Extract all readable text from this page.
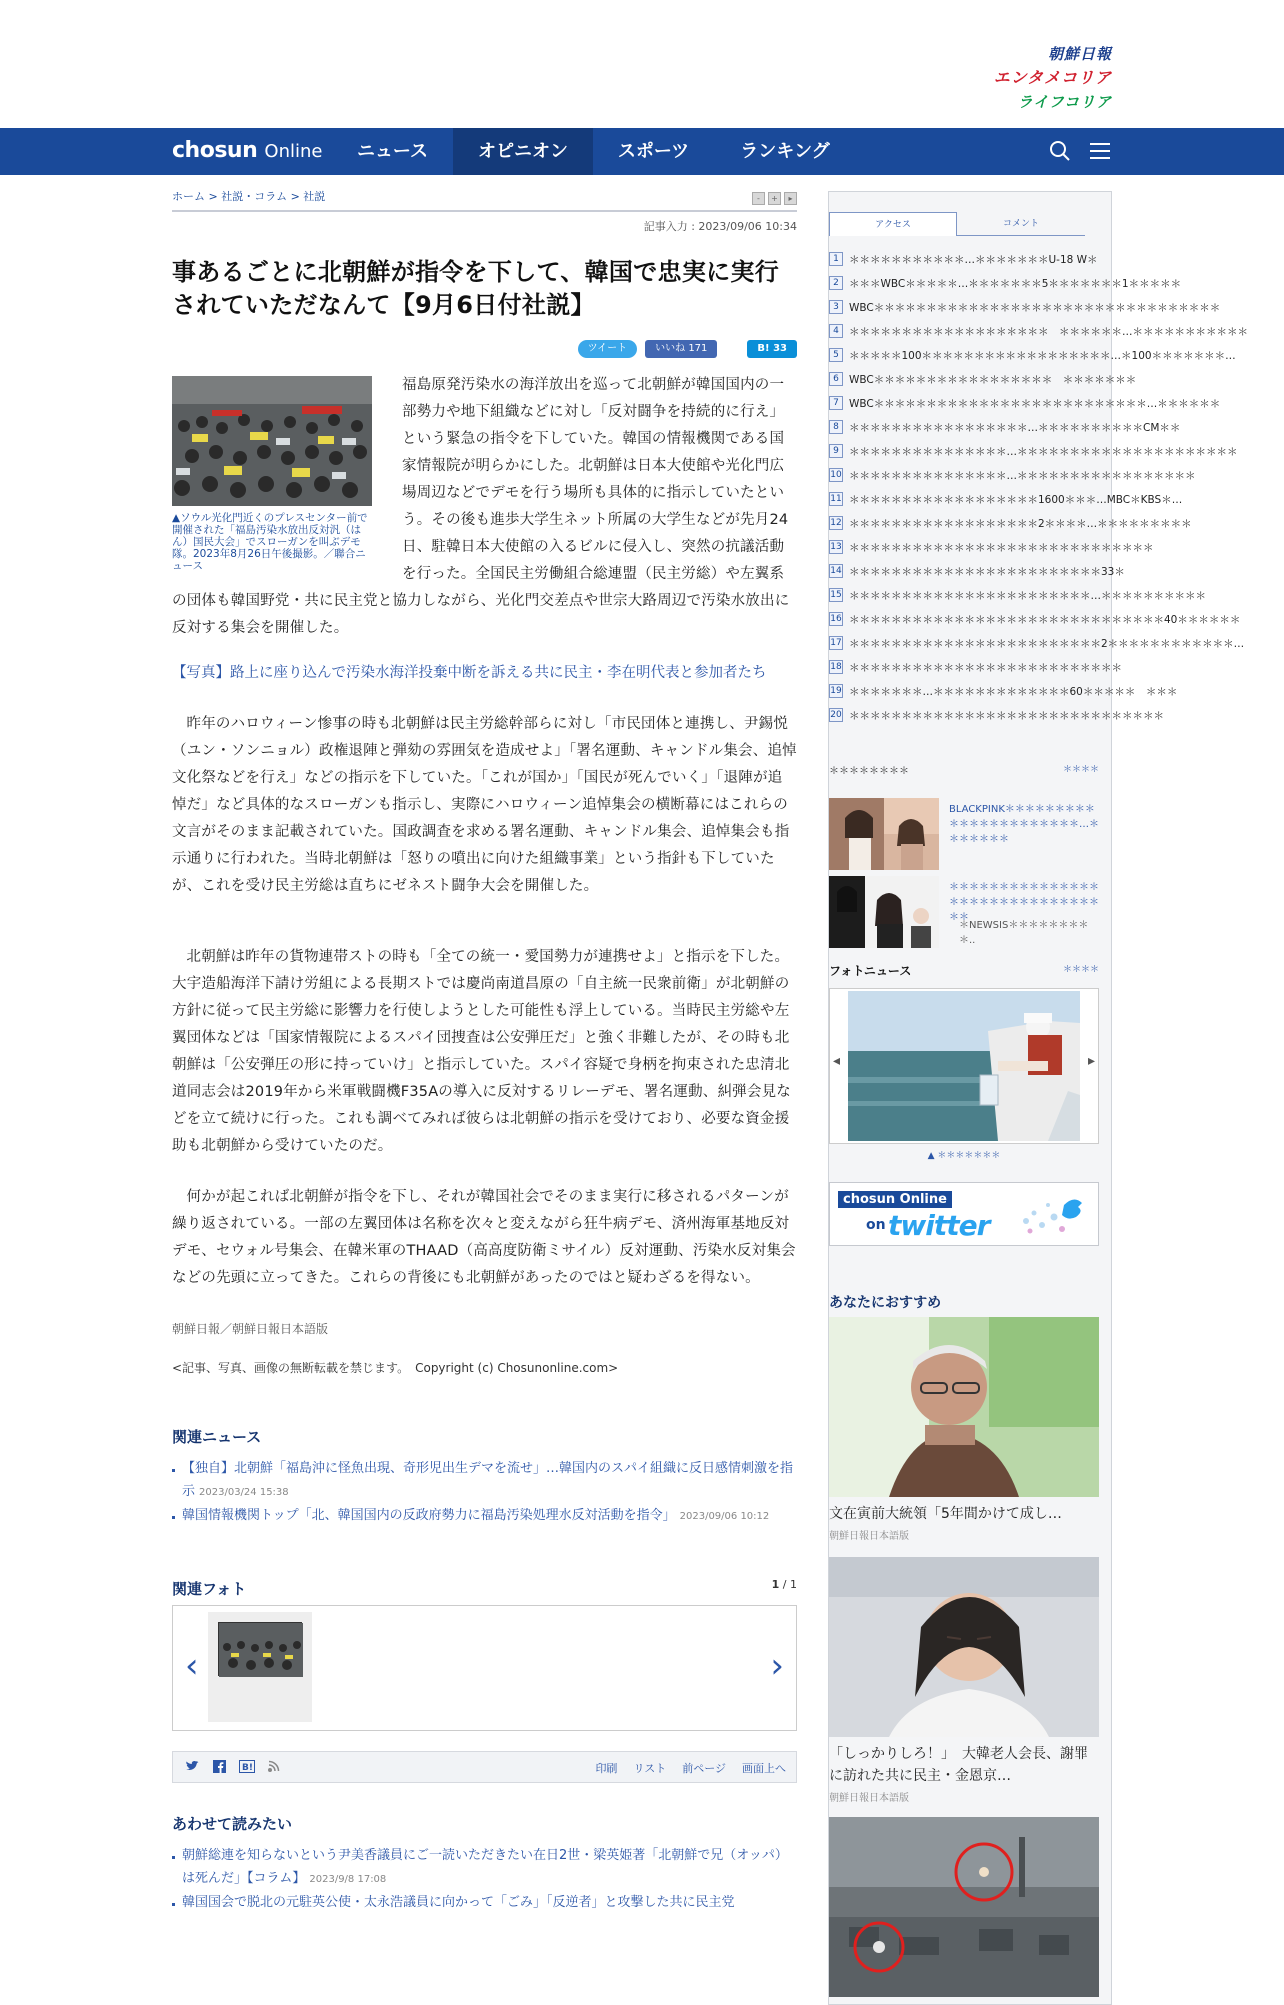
朝鮮日報
エンタメコリア
ライフコリア
chosun Online	ニュース	オピニオン	スポーツ	ランキング
ホーム > 社説・コラム > 社説	-	+	▸
記事入力 : 2023/09/06 10:34
事あるごとに北朝鮮が指令を下して、韓国で忠実に実行されていただなんて【9月6日付社説】
ツイート	いいね 171	B! 33
▲ソウル光化門近くのプレスセンター前で開催された「福島汚染水放出反対汎（はん）国民大会」でスローガンを叫ぶデモ隊。2023年8月26日午後撮影。／聯合ニュース

福島原発汚染水の海洋放出を巡って北朝鮮が韓国国内の一部勢力や地下組織などに対し「反対闘争を持続的に行え」という緊急の指令を下していた。韓国の情報機関である国家情報院が明らかにした。北朝鮮は日本大使館や光化門広場周辺などでデモを行う場所も具体的に指示していたという。その後も進歩大学生ネット所属の大学生などが先月24日、駐韓日本大使館の入るビルに侵入し、突然の抗議活動を行った。全国民主労働組合総連盟（民主労総）や左翼系の団体も韓国野党・共に民主党と協力しながら、光化門交差点や世宗大路周辺で汚染水放出に反対する集会を開催した。

【写真】路上に座り込んで汚染水海洋投棄中断を訴える共に民主・李在明代表と参加者たち

昨年のハロウィーン惨事の時も北朝鮮は民主労総幹部らに対し「市民団体と連携し、尹錫悦（ユン・ソンニョル）政権退陣と弾劾の雰囲気を造成せよ」「署名運動、キャンドル集会、追悼文化祭などを行え」などの指示を下していた。「これが国か」「国民が死んでいく」「退陣が追悼だ」など具体的なスローガンも指示し、実際にハロウィーン追悼集会の横断幕にはこれらの文言がそのまま記載されていた。国政調査を求める署名運動、キャンドル集会、追悼集会も指示通りに行われた。当時北朝鮮は「怒りの噴出に向けた組織事業」という指針も下していたが、これを受け民主労総は直ちにゼネスト闘争大会を開催した。

北朝鮮は昨年の貨物連帯ストの時も「全ての統一・愛国勢力が連携せよ」と指示を下した。大宇造船海洋下請け労組による長期ストでは慶尚南道昌原の「自主統一民衆前衛」が北朝鮮の方針に従って民主労総に影響力を行使しようとした可能性も浮上している。当時民主労総や左翼団体などは「国家情報院によるスパイ団捜査は公安弾圧だ」と強く非難したが、その時も北朝鮮は「公安弾圧の形に持っていけ」と指示していた。スパイ容疑で身柄を拘束された忠清北道同志会は2019年から米軍戦闘機F35Aの導入に反対するリレーデモ、署名運動、糾弾会見などを立て続けに行った。これも調べてみれば彼らは北朝鮮の指示を受けており、必要な資金援助も北朝鮮から受けていたのだ。

何かが起これば北朝鮮が指令を下し、それが韓国社会でそのまま実行に移されるパターンが繰り返されている。一部の左翼団体は名称を次々と変えながら狂牛病デモ、済州海軍基地反対デモ、セウォル号集会、在韓米軍のTHAAD（高高度防衛ミサイル）反対運動、汚染水反対集会などの先頭に立ってきた。これらの背後にも北朝鮮があったのではと疑わざるを得ない。

朝鮮日報／朝鮮日報日本語版
<記事、写真、画像の無断転載を禁じます。　Copyright (c) Chosunonline.com>
関連ニュース
【独自】北朝鮮「福島沖に怪魚出現、奇形児出生デマを流せ」…韓国内のスパイ組織に反日感情刺激を指示 2023/03/24 15:38
韓国情報機関トップ「北、韓国国内の反政府勢力に福島汚染処理水反対活動を指令」 2023/09/06 10:12
関連フォト	1 / 1
‹	›
B!	印刷 リスト 前ページ 画面上へ
あわせて読みたい
朝鮮総連を知らないという尹美香議員にご一読いただきたい在日2世・梁英姫著「北朝鮮で兄（オッパ）は死んだ」【コラム】 2023/9/8 17:08
韓国国会で脱北の元駐英公使・太永浩議員に向かって「ごみ」「反逆者」と攻撃した共に民主党
アクセス	コメント
1 ＊＊＊＊＊＊＊＊＊＊＊…＊＊＊＊＊＊＊U-18 W＊
2 ＊＊＊WBC＊＊＊＊＊…＊＊＊＊＊＊＊5＊＊＊＊＊＊＊1＊＊＊＊＊
3 WBC＊＊＊＊＊＊＊＊＊＊＊＊＊＊＊＊＊＊＊＊＊＊＊＊＊＊＊＊＊＊＊＊＊
4 ＊＊＊＊＊＊＊＊＊＊＊＊＊＊＊＊＊＊＊　＊＊＊＊＊＊…＊＊＊＊＊＊＊＊＊＊＊
5 ＊＊＊＊＊100＊＊＊＊＊＊＊＊＊＊＊＊＊＊＊＊＊＊…＊100＊＊＊＊＊＊＊…
6 WBC＊＊＊＊＊＊＊＊＊＊＊＊＊＊＊＊＊　＊＊＊＊＊＊＊
7 WBC＊＊＊＊＊＊＊＊＊＊＊＊＊＊＊＊＊＊＊＊＊＊＊＊＊＊…＊＊＊＊＊＊
8 ＊＊＊＊＊＊＊＊＊＊＊＊＊＊＊＊＊…＊＊＊＊＊＊＊＊＊＊CM＊＊
9 ＊＊＊＊＊＊＊＊＊＊＊＊＊＊＊…＊＊＊＊＊＊＊＊＊＊＊＊＊＊＊＊＊＊＊＊＊
10 ＊＊＊＊＊＊＊＊＊＊＊＊＊＊＊…＊＊＊＊＊＊＊＊＊＊＊＊＊＊＊＊＊
11 ＊＊＊＊＊＊＊＊＊＊＊＊＊＊＊＊＊＊1600＊＊＊…MBC＊KBS＊…
12 ＊＊＊＊＊＊＊＊＊＊＊＊＊＊＊＊＊＊2＊＊＊＊…＊＊＊＊＊＊＊＊＊
13 ＊＊＊＊＊＊＊＊＊＊＊＊＊＊＊＊＊＊＊＊＊＊＊＊＊＊＊＊＊
14 ＊＊＊＊＊＊＊＊＊＊＊＊＊＊＊＊＊＊＊＊＊＊＊＊33＊
15 ＊＊＊＊＊＊＊＊＊＊＊＊＊＊＊＊＊＊＊＊＊＊＊…＊＊＊＊＊＊＊＊＊＊
16 ＊＊＊＊＊＊＊＊＊＊＊＊＊＊＊＊＊＊＊＊＊＊＊＊＊＊＊＊＊＊40＊＊＊＊＊＊
17 ＊＊＊＊＊＊＊＊＊＊＊＊＊＊＊＊＊＊＊＊＊＊＊＊2＊＊＊＊＊＊＊＊＊＊＊＊…
18 ＊＊＊＊＊＊＊＊＊＊＊＊＊＊＊＊＊＊＊＊＊＊＊＊＊＊
19 ＊＊＊＊＊＊＊…＊＊＊＊＊＊＊＊＊＊＊＊＊60＊＊＊＊＊　＊＊＊
20 ＊＊＊＊＊＊＊＊＊＊＊＊＊＊＊＊＊＊＊＊＊＊＊＊＊＊＊＊＊＊
＊＊＊＊＊＊＊＊	＊＊＊＊
BLACKPINK＊＊＊＊＊＊＊＊＊＊＊＊＊＊＊＊＊＊＊＊＊＊…＊＊＊＊＊＊＊
＊＊＊＊＊＊＊＊＊＊＊＊＊＊＊＊＊＊＊＊＊＊＊＊＊＊＊＊＊＊＊＊
＊NEWSIS＊＊＊＊＊＊＊＊＊..
フォトニュース	＊＊＊＊
◂	▸
▲ ＊＊＊＊＊＊＊
chosun Online
on twitter
あなたにおすすめ
文在寅前大統領「5年間かけて成し…
朝鮮日報日本語版
「しっかりしろ！」　大韓老人会長、謝罪に訪れた共に民主・金恩京…
朝鮮日報日本語版
